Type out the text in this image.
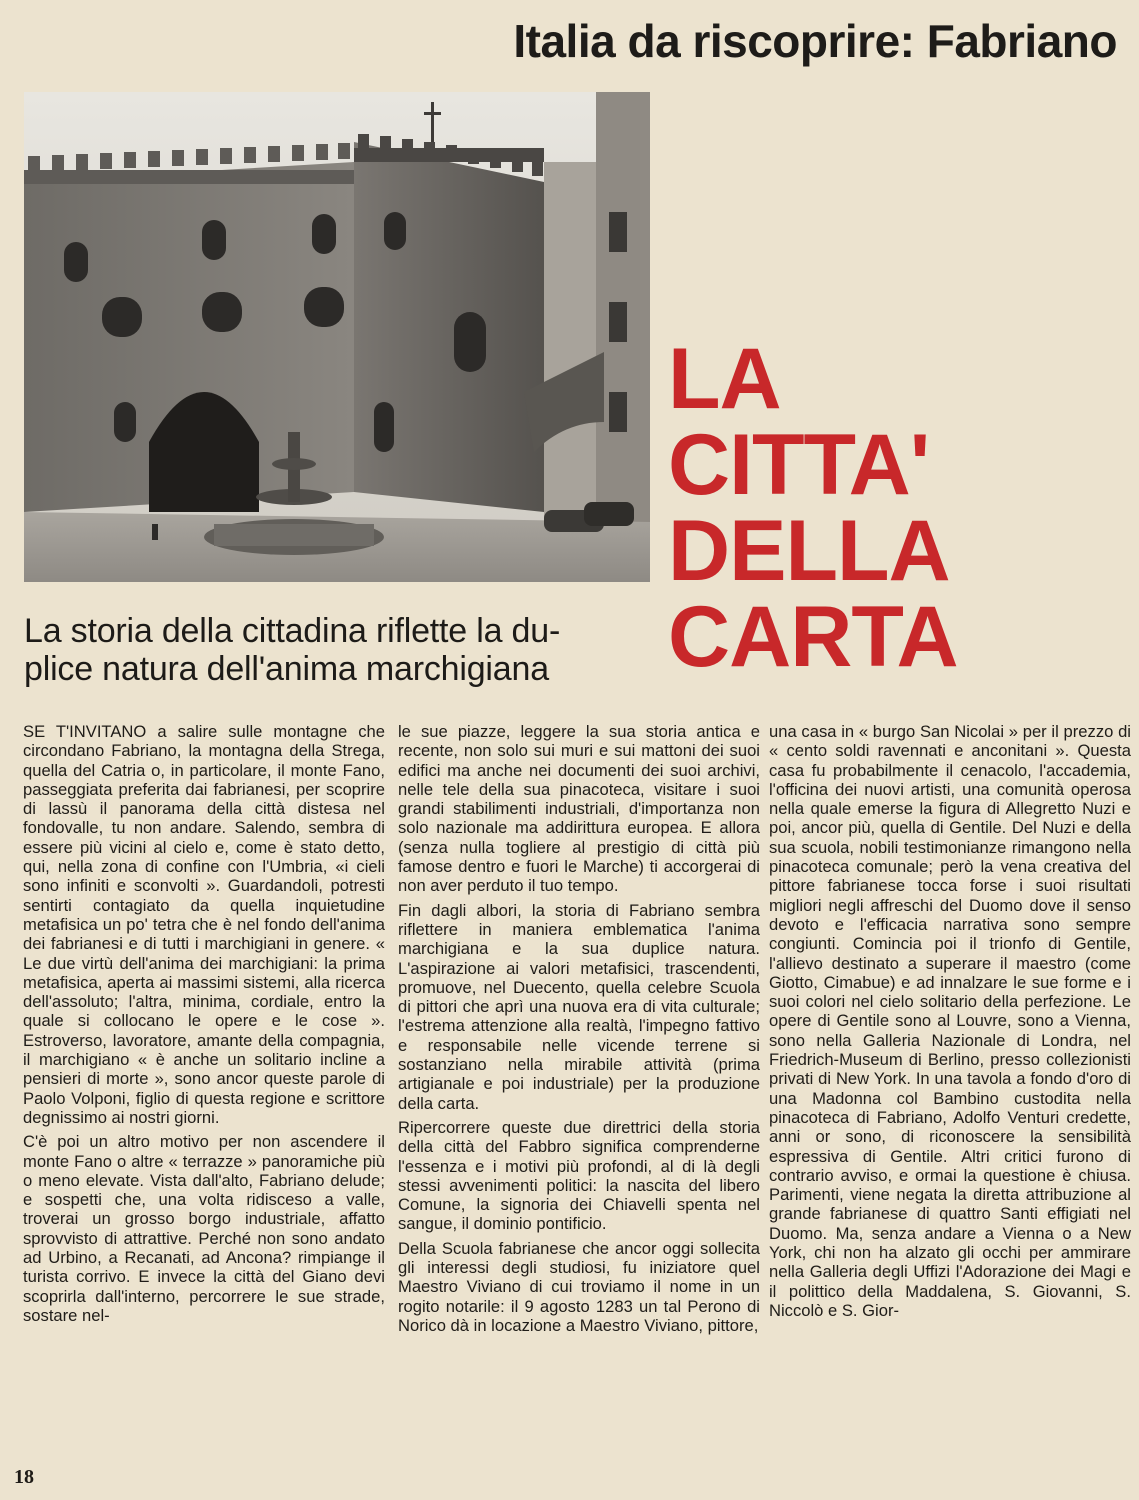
Italia da riscoprire: Fabriano
La storia della cittadina riflette la du-
plice natura dell'anima marchigiana
LA
CITTA'
DELLA
CARTA

SE T'INVITANO a salire sulle montagne che circondano Fabriano, la montagna della Strega, quella del Catria o, in particolare, il monte Fano, passeggiata preferita dai fabrianesi, per scoprire di lassù il panorama della città distesa nel fondovalle, tu non andare. Salendo, sembra di essere più vicini al cielo e, come è stato detto, qui, nella zona di confine con l'Umbria, «i cieli sono infiniti e sconvolti ». Guardandoli, potresti sentirti contagiato da quella inquietudine metafisica un po' tetra che è nel fondo dell'anima dei fabrianesi e di tutti i marchigiani in genere. « Le due virtù dell'anima dei marchigiani: la prima metafisica, aperta ai massimi sistemi, alla ricerca dell'assoluto; l'altra, minima, cordiale, entro la quale si collocano le opere e le cose ». Estroverso, lavoratore, amante della compagnia, il marchigiano « è anche un solitario incline a pensieri di morte », sono ancor queste parole di Paolo Volponi, figlio di questa regione e scrittore degnissimo ai nostri giorni.

C'è poi un altro motivo per non ascendere il monte Fano o altre « terrazze » panoramiche più o meno elevate. Vista dall'alto, Fabriano delude; e sospetti che, una volta ridisceso a valle, troverai un grosso borgo industriale, affatto sprovvisto di attrattive. Perché non sono andato ad Urbino, a Recanati, ad Ancona? rimpiange il turista corrivo. E invece la città del Giano devi scoprirla dall'interno, percorrere le sue strade, sostare nel-

le sue piazze, leggere la sua storia antica e recente, non solo sui muri e sui mattoni dei suoi edifici ma anche nei documenti dei suoi archivi, nelle tele della sua pinacoteca, visitare i suoi grandi stabilimenti industriali, d'importanza non solo nazionale ma addirittura europea. E allora (senza nulla togliere al prestigio di città più famose dentro e fuori le Marche) ti accorgerai di non aver perduto il tuo tempo.

Fin dagli albori, la storia di Fabriano sembra riflettere in maniera emblematica l'anima marchigiana e la sua duplice natura. L'aspirazione ai valori metafisici, trascendenti, promuove, nel Duecento, quella celebre Scuola di pittori che aprì una nuova era di vita culturale; l'estrema attenzione alla realtà, l'impegno fattivo e responsabile nelle vicende terrene si sostanziano nella mirabile attività (prima artigianale e poi industriale) per la produzione della carta.

Ripercorrere queste due direttrici della storia della città del Fabbro significa comprenderne l'essenza e i motivi più profondi, al di là degli stessi avvenimenti politici: la nascita del libero Comune, la signoria dei Chiavelli spenta nel sangue, il dominio pontificio.

Della Scuola fabrianese che ancor oggi sollecita gli interessi degli studiosi, fu iniziatore quel Maestro Viviano di cui troviamo il nome in un rogito notarile: il 9 agosto 1283 un tal Perono di Norico dà in locazione a Maestro Viviano, pittore,

una casa in « burgo San Nicolai » per il prezzo di « cento soldi ravennati e anconitani ». Questa casa fu probabilmente il cenacolo, l'accademia, l'officina dei nuovi artisti, una comunità operosa nella quale emerse la figura di Allegretto Nuzi e poi, ancor più, quella di Gentile. Del Nuzi e della sua scuola, nobili testimonianze rimangono nella pinacoteca comunale; però la vena creativa del pittore fabrianese tocca forse i suoi risultati migliori negli affreschi del Duomo dove il senso devoto e l'efficacia narrativa sono sempre congiunti. Comincia poi il trionfo di Gentile, l'allievo destinato a superare il maestro (come Giotto, Cimabue) e ad innalzare le sue forme e i suoi colori nel cielo solitario della perfezione. Le opere di Gentile sono al Louvre, sono a Vienna, sono nella Galleria Nazionale di Londra, nel Friedrich-Museum di Berlino, presso collezionisti privati di New York. In una tavola a fondo d'oro di una Madonna col Bambino custodita nella pinacoteca di Fabriano, Adolfo Venturi credette, anni or sono, di riconoscere la sensibilità espressiva di Gentile. Altri critici furono di contrario avviso, e ormai la questione è chiusa. Parimenti, viene negata la diretta attribuzione al grande fabrianese di quattro Santi effigiati nel Duomo. Ma, senza andare a Vienna o a New York, chi non ha alzato gli occhi per ammirare nella Galleria degli Uffizi l'Adorazione dei Magi e il polittico della Maddalena, S. Giovanni, S. Niccolò e S. Gior-

18
